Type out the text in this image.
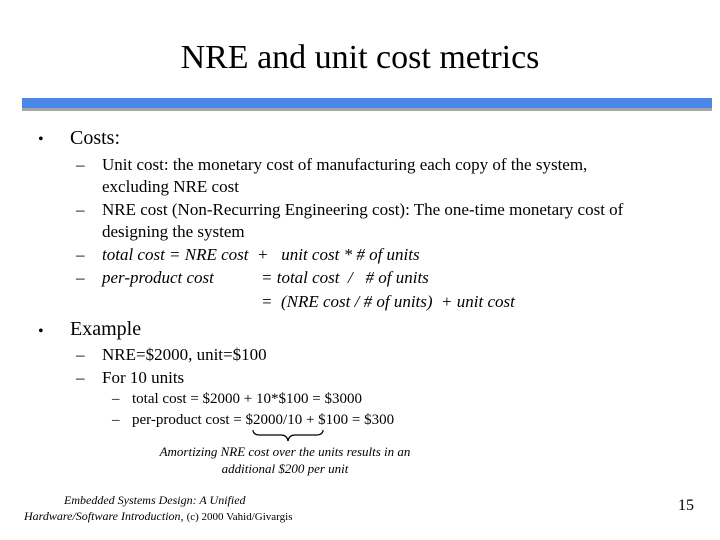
NRE and unit cost metrics
• Costs:
– Unit cost: the monetary cost of manufacturing each copy of the system,
excluding NRE cost
– NRE cost (Non-Recurring Engineering cost): The one-time monetary cost of
designing the system
– total cost = NRE cost  +   unit cost * # of units
– per-product cost	= total cost  /   # of units
=  (NRE cost / # of units)  + unit cost
• Example
– NRE=$2000, unit=$100
– For 10 units
– total cost = $2000 + 10*$100 = $3000
– per-product cost = $2000/10 + $100 = $300
Amortizing NRE cost over the units results in an
additional $200 per unit
Embedded Systems Design: A Unified
Hardware/Software Introduction, (c) 2000 Vahid/Givargis
15
